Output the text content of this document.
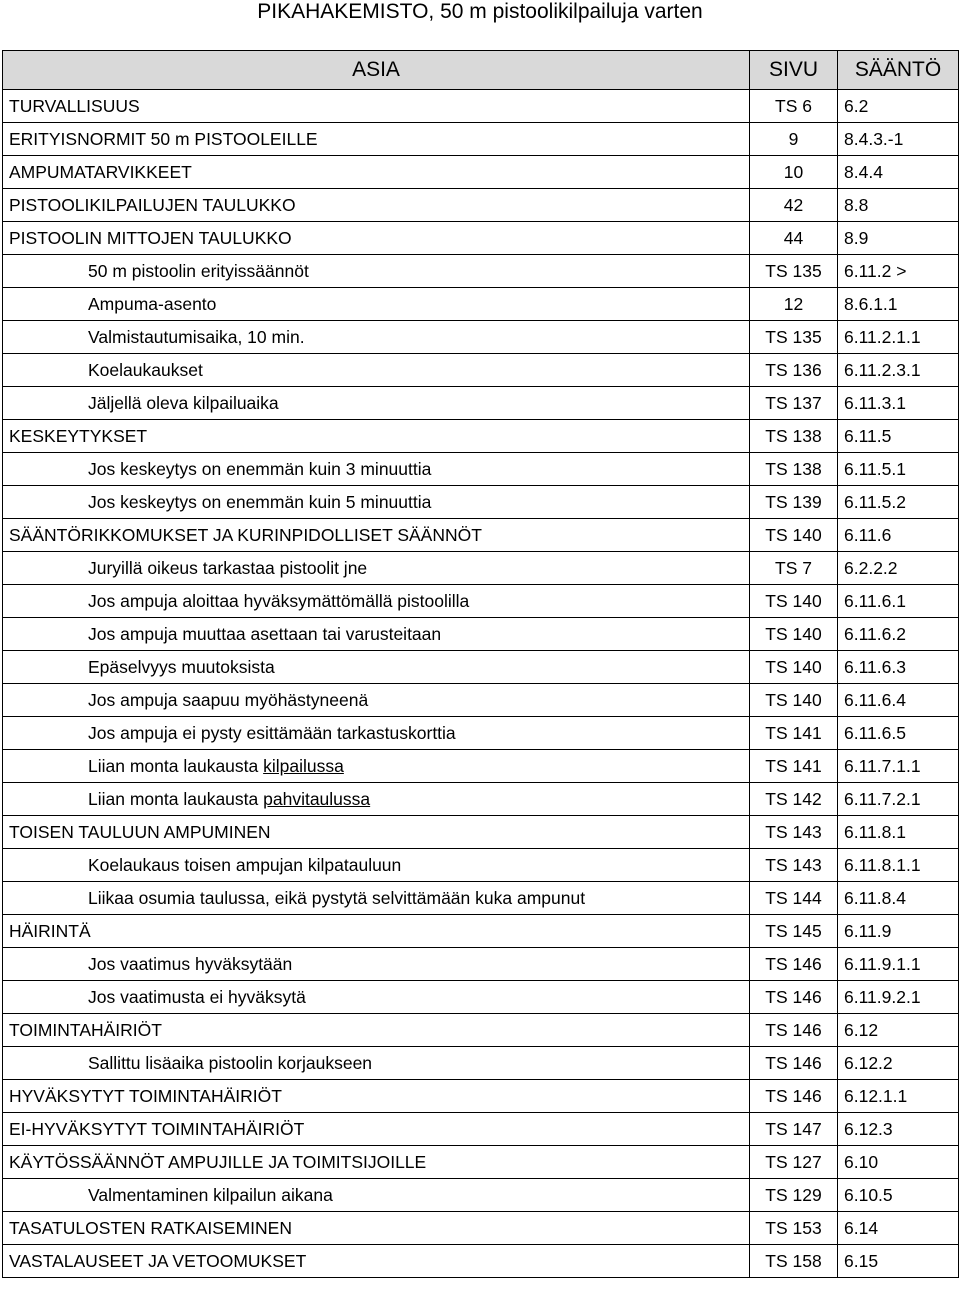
PIKAHAKEMISTO, 50 m pistoolikilpailuja varten
ASIA	SIVU	SÄÄNTÖ
TURVALLISUUS	TS 6	6.2
ERITYISNORMIT 50 m PISTOOLEILLE	9	8.4.3.-1
AMPUMATARVIKKEET	10	8.4.4
PISTOOLIKILPAILUJEN TAULUKKO	42	8.8
PISTOOLIN MITTOJEN TAULUKKO	44	8.9
50 m pistoolin erityissäännöt	TS 135	6.11.2 >
Ampuma-asento	12	8.6.1.1
Valmistautumisaika, 10 min.	TS 135	6.11.2.1.1
Koelaukaukset	TS 136	6.11.2.3.1
Jäljellä oleva kilpailuaika	TS 137	6.11.3.1
KESKEYTYKSET	TS 138	6.11.5
Jos keskeytys on enemmän kuin 3 minuuttia	TS 138	6.11.5.1
Jos keskeytys on enemmän kuin 5 minuuttia	TS 139	6.11.5.2
SÄÄNTÖRIKKOMUKSET JA KURINPIDOLLISET SÄÄNNÖT	TS 140	6.11.6
Juryillä oikeus tarkastaa pistoolit jne	TS 7	6.2.2.2
Jos ampuja aloittaa hyväksymättömällä pistoolilla	TS 140	6.11.6.1
Jos ampuja muuttaa asettaan tai varusteitaan	TS 140	6.11.6.2
Epäselvyys muutoksista	TS 140	6.11.6.3
Jos ampuja saapuu myöhästyneenä	TS 140	6.11.6.4
Jos ampuja ei pysty esittämään tarkastuskorttia	TS 141	6.11.6.5
Liian monta laukausta kilpailussa	TS 141	6.11.7.1.1
Liian monta laukausta pahvitaulussa	TS 142	6.11.7.2.1
TOISEN TAULUUN AMPUMINEN	TS 143	6.11.8.1
Koelaukaus toisen ampujan kilpatauluun	TS 143	6.11.8.1.1
Liikaa osumia taulussa, eikä pystytä selvittämään kuka ampunut	TS 144	6.11.8.4
HÄIRINTÄ	TS 145	6.11.9
Jos vaatimus hyväksytään	TS 146	6.11.9.1.1
Jos vaatimusta ei hyväksytä	TS 146	6.11.9.2.1
TOIMINTAHÄIRIÖT	TS 146	6.12
Sallittu lisäaika pistoolin korjaukseen	TS 146	6.12.2
HYVÄKSYTYT TOIMINTAHÄIRIÖT	TS 146	6.12.1.1
EI-HYVÄKSYTYT TOIMINTAHÄIRIÖT	TS 147	6.12.3
KÄYTÖSSÄÄNNÖT AMPUJILLE JA TOIMITSIJOILLE	TS 127	6.10
Valmentaminen kilpailun aikana	TS 129	6.10.5
TASATULOSTEN RATKAISEMINEN	TS 153	6.14
VASTALAUSEET JA VETOOMUKSET	TS 158	6.15
